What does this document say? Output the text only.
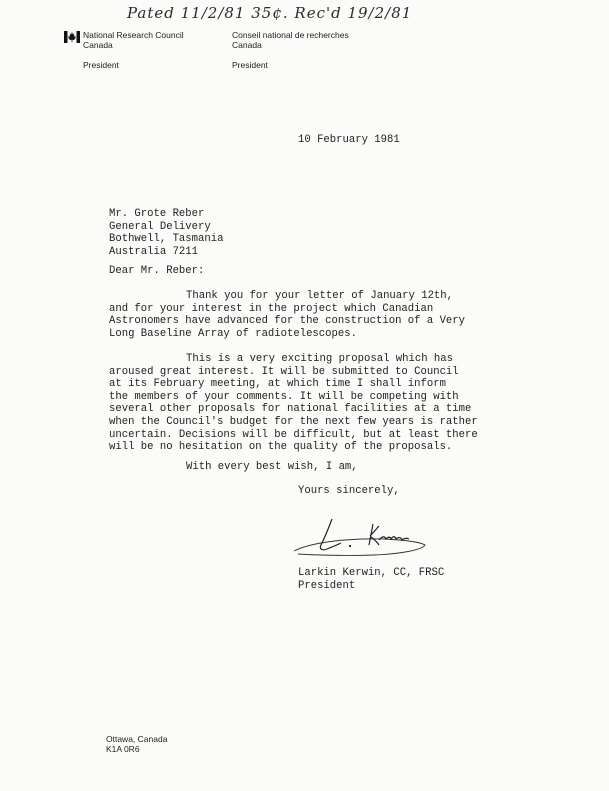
Pated 11/2/81 35¢. Rec'd 19/2/81
National Research Council
Canada
Conseil national de recherches
Canada
President	President
10 February 1981
Mr. Grote Reber
General Delivery
Bothwell, Tasmania
Australia 7211
Dear Mr. Reber:
Thank you for your letter of January 12th,
and for your interest in the project which Canadian
Astronomers have advanced for the construction of a Very
Long Baseline Array of radiotelescopes.
This is a very exciting proposal which has
aroused great interest. It will be submitted to Council
at its February meeting, at which time I shall inform
the members of your comments. It will be competing with
several other proposals for national facilities at a time
when the Council's budget for the next few years is rather
uncertain. Decisions will be difficult, but at least there
will be no hesitation on the quality of the proposals.
With every best wish, I am,
Yours sincerely,
Larkin Kerwin, CC, FRSC
President
Ottawa, Canada
K1A 0R6
